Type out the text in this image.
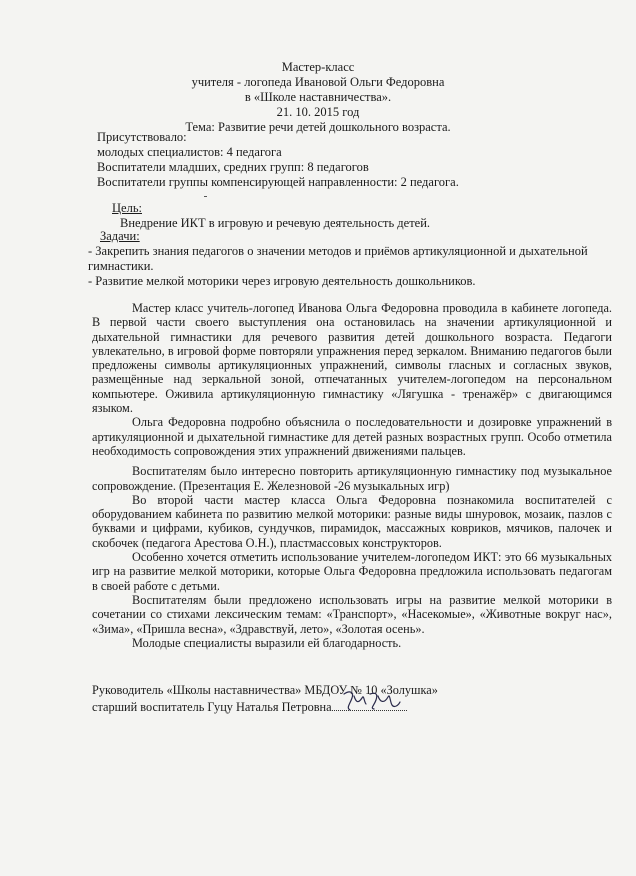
Мастер-класс
учителя - логопеда Ивановой Ольги Федоровна
в «Школе наставничества».
21. 10. 2015 год
Тема: Развитие речи детей дошкольного возраста.
Присутствовало:
молодых специалистов: 4 педагога
Воспитатели младших, средних групп: 8 педагогов
Воспитатели группы компенсирующей направленности: 2 педагога.
Цель:
Внедрение ИКТ в игровую и речевую деятельность детей.
Задачи:
- Закрепить знания педагогов о значении методов и приёмов артикуляционной и дыхательной гимнастики.
- Развитие мелкой моторики через игровую деятельность дошкольников.

Мастер класс учитель-логопед Иванова Ольга Федоровна проводила в кабинете логопеда. В первой части своего выступления она остановилась на значении артикуляционной и дыхательной гимнастики для речевого развития детей дошкольного возраста. Педагоги увлекательно, в игровой форме повторяли упражнения перед зеркалом. Вниманию педагогов были предложены символы артикуляционных упражнений, символы гласных и согласных звуков, размещённые над зеркальной зоной, отпечатанных учителем-логопедом на персональном компьютере. Оживила артикуляционную гимнастику «Лягушка - тренажёр» с двигающимся языком.

Ольга Федоровна подробно объяснила о последовательности и дозировке упражнений в артикуляционной и дыхательной гимнастике для детей разных возрастных групп. Особо отметила необходимость сопровождения этих упражнений движениями пальцев.

Воспитателям было интересно повторить артикуляционную гимнастику под музыкальное сопровождение. (Презентация Е. Железновой -26 музыкальных игр)

Во второй части мастер класса Ольга Федоровна познакомила воспитателей с оборудованием кабинета по развитию мелкой моторики: разные виды шнуровок, мозаик, пазлов с буквами и цифрами, кубиков, сундучков, пирамидок, массажных ковриков, мячиков, палочек и скобочек (педагога Арестова О.Н.), пластмассовых конструкторов.

Особенно хочется отметить использование учителем-логопедом ИКТ: это 66 музыкальных игр на развитие мелкой моторики, которые Ольга Федоровна предложила использовать педагогам в своей работе с детьми.

Воспитателям были предложено использовать игры на развитие мелкой моторики в сочетании со стихами лексическим темам: «Транспорт», «Насекомые», «Животные вокруг нас», «Зима», «Пришла весна», «Здравствуй, лето», «Золотая осень».

Молодые специалисты выразили ей благодарность.

Руководитель «Школы наставничества» МБДОУ № 10 «Золушка»
старший воспитатель Гуцу Наталья Петровна
